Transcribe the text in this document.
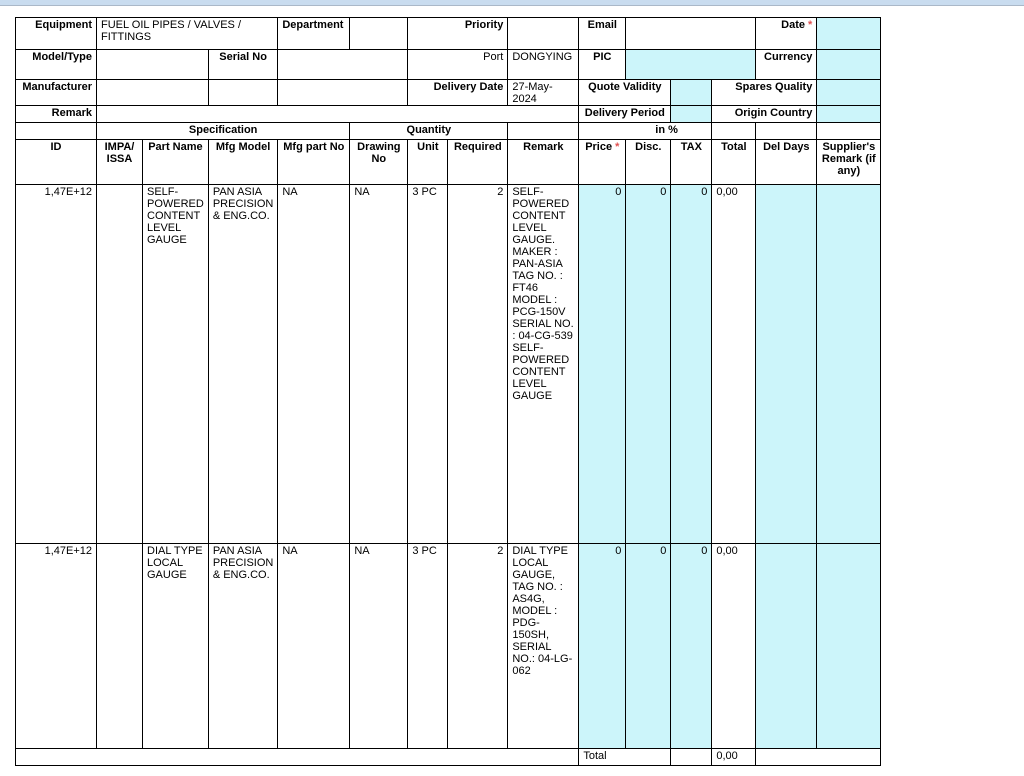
Equipment	FUEL OIL PIPES / VALVES / FITTINGS			Department		Priority			Email				Date *	
Model/Type			Serial No			Port		DONGYING	PIC				Currency	
Manufacturer						Delivery Date		27-May-2024	Quote Validity			Spares Quality		
Remark									Delivery Period			Origin Country		
	Specification				Quantity					in %				
ID	IMPA/ ISSA	Part Name	Mfg Model	Mfg part No	Drawing No	Unit	Required	Remark	Price *	Disc.	TAX	Total	Del Days	Supplier's Remark (if any)
1,47E+12		SELF-POWERED CONTENT LEVEL GAUGE	PAN ASIA PRECISION & ENG.CO.	NA	NA	3 PC	2	SELF-POWERED CONTENT LEVEL GAUGE. MAKER : PAN-ASIA TAG NO. : FT46 MODEL : PCG-150V SERIAL NO. : 04-CG-539 SELF-POWERED CONTENT LEVEL GAUGE	0	0	0	0,00		
1,47E+12		DIAL TYPE LOCAL GAUGE	PAN ASIA PRECISION & ENG.CO.	NA	NA	3 PC	2	DIAL TYPE LOCAL GAUGE, TAG NO. : AS4G, MODEL : PDG-150SH, SERIAL NO.: 04-LG-062	0	0	0	0,00		
									Total			0,00		
